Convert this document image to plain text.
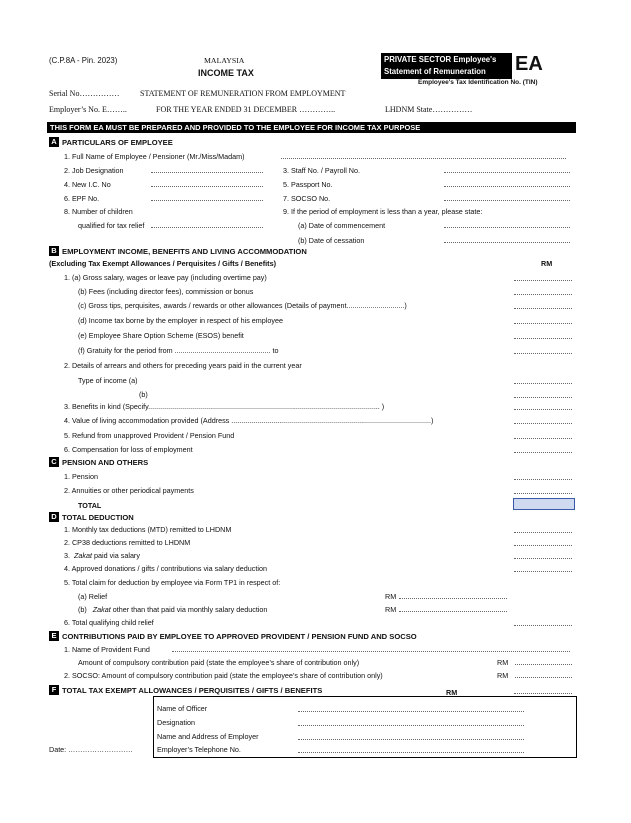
(C.P.8A - Pin. 2023)	MALAYSIA
INCOME TAX
PRIVATE SECTOR Employee's
Statement of Remuneration EA
Employee's Tax Identification No. (TIN)
Serial No……………	STATEMENT OF REMUNERATION FROM EMPLOYMENT
Employer’s No. E……..	FOR THE YEAR ENDED 31 DECEMBER …………..	LHDNM State……………
THIS FORM EA MUST BE PREPARED AND PROVIDED TO THE EMPLOYEE FOR INCOME TAX PURPOSE
A PARTICULARS OF EMPLOYEE
1. Full Name of Employee / Pensioner (Mr./Miss/Madam)
2. Job Designation	3. Staff No. / Payroll No.
4. New I.C. No	5. Passport No.
6. EPF No.	7. SOCSO No.
8. Number of children
qualified for tax relief
9. If the period of employment is less than a year, please state:
(a) Date of commencement
(b) Date of cessation
B EMPLOYMENT INCOME, BENEFITS AND LIVING ACCOMMODATION
(Excluding Tax Exempt Allowances / Perquisites / Gifts / Benefits)	RM
1. (a) Gross salary, wages or leave pay (including overtime pay)
(b) Fees (including director fees), commission or bonus
(c) Gross tips, perquisites, awards / rewards or other allowances (Details of payment.............................)
(d) Income tax borne by the employer in respect of his employee
(e) Employee Share Option Scheme (ESOS) benefit
(f) Gratuity for the period from ................................................ to
2. Details of arrears and others for preceding years paid in the current year
Type of income (a)
(b)
3. Benefits in kind (Specify.................................................................................................................... )
4. Value of living accommodation provided (Address ....................................................................................................)
5. Refund from unapproved Provident / Pension Fund
6. Compensation for loss of employment
C PENSION AND OTHERS
1. Pension
2. Annuities or other periodical payments
TOTAL
D TOTAL DEDUCTION
1. Monthly tax deductions (MTD) remitted to LHDNM
2. CP38 deductions remitted to LHDNM
3. Zakat paid via salary
4. Approved donations / gifts / contributions via salary deduction
5. Total claim for deduction by employee via Form TP1 in respect of:
(a) Relief	RM
(b) Zakat other than that paid via monthly salary deduction	RM
6. Total qualifying child relief
E CONTRIBUTIONS PAID BY EMPLOYEE TO APPROVED PROVIDENT / PENSION FUND AND SOCSO
1. Name of Provident Fund
Amount of compulsory contribution paid (state the employee’s share of contribution only)	RM
2. SOCSO: Amount of compulsory contribution paid (state the employee’s share of contribution only)	RM
F TOTAL TAX EXEMPT ALLOWANCES / PERQUISITES / GIFTS / BENEFITS	RM
Name of Officer
Designation
Name and Address of Employer
Employer’s Telephone No.
Date: ………………………
